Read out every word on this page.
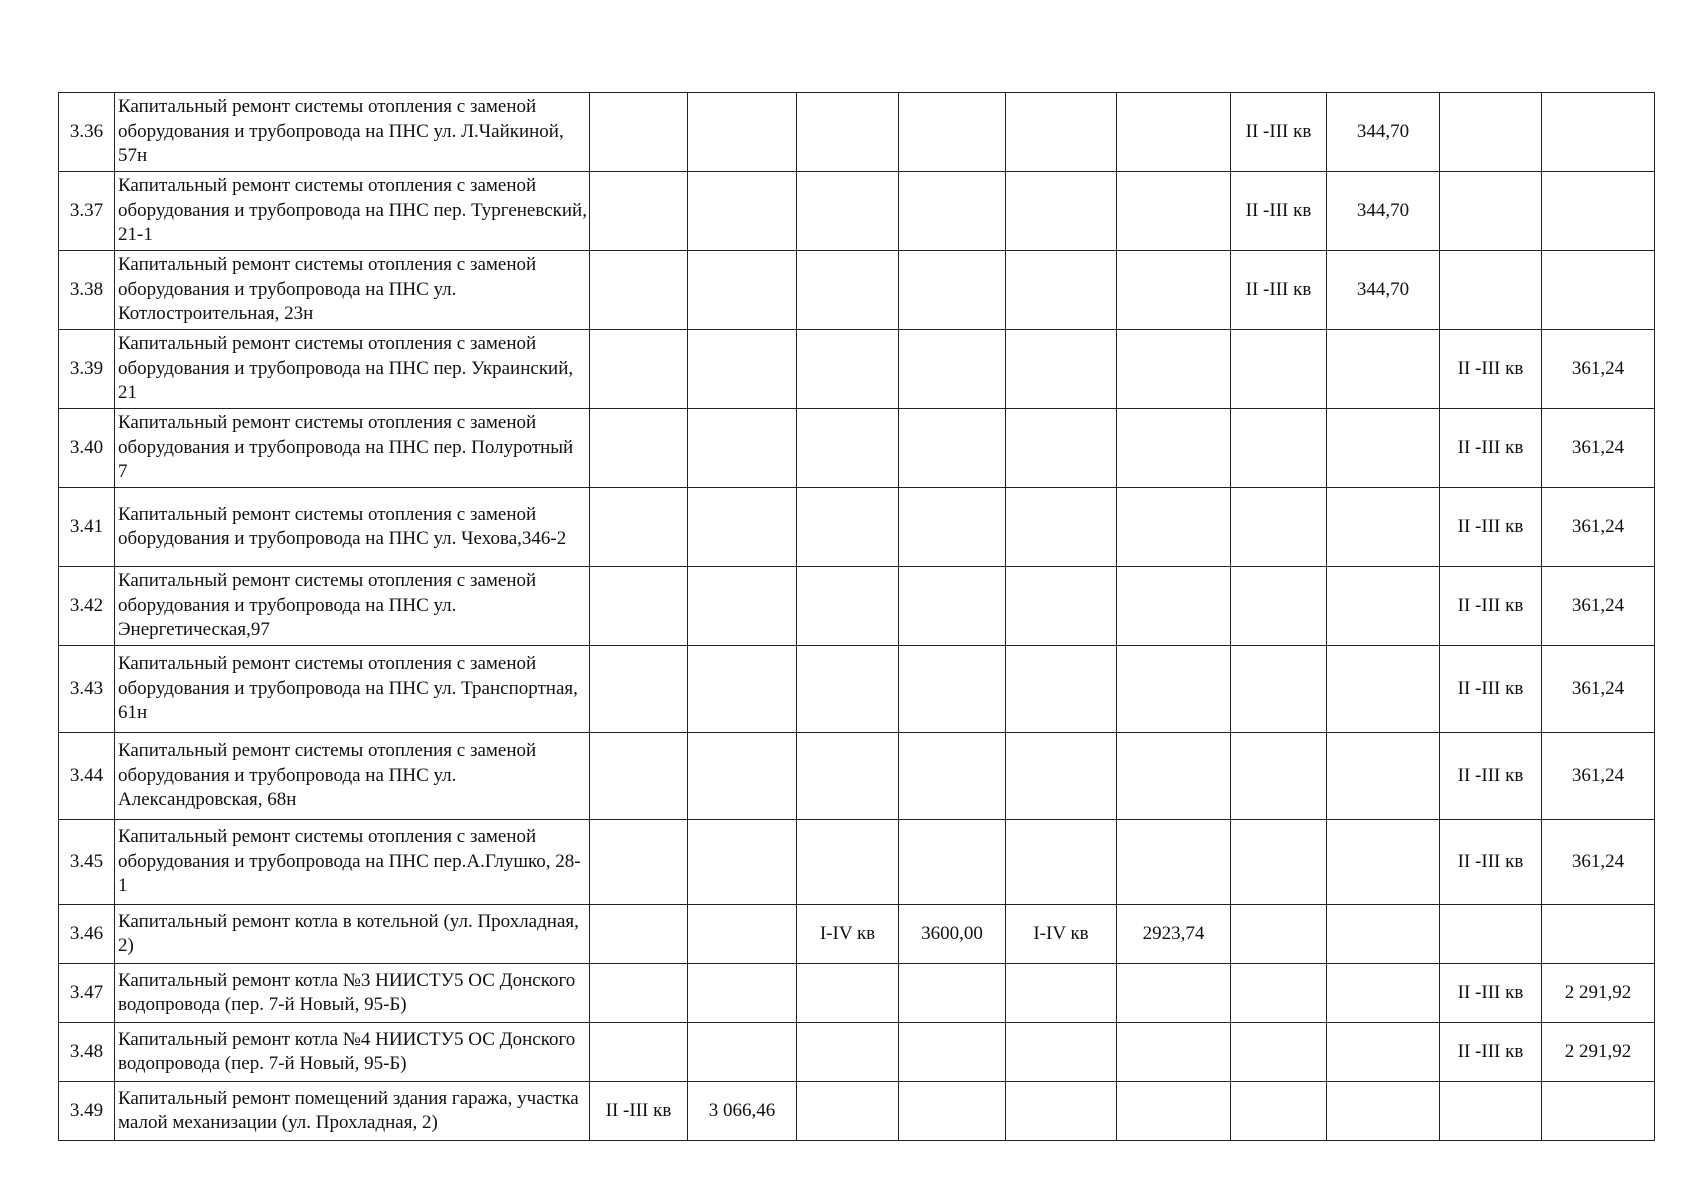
3.36	Капитальный ремонт системы отопления с заменой оборудования и трубопровода на ПНС ул. Л.Чайкиной, 57н							II -III кв	344,70		
3.37	Капитальный ремонт системы отопления с заменой оборудования и трубопровода на ПНС пер. Тургеневский, 21-1							II -III кв	344,70		
3.38	Капитальный ремонт системы отопления с заменой оборудования и трубопровода на ПНС ул. Котлостроительная, 23н							II -III кв	344,70		
3.39	Капитальный ремонт системы отопления с заменой оборудования и трубопровода на ПНС пер. Украинский, 21									II -III кв	361,24
3.40	Капитальный ремонт системы отопления с заменой оборудования и трубопровода на ПНС пер. Полуротный 7									II -III кв	361,24
3.41	Капитальный ремонт системы отопления с заменой оборудования и трубопровода на ПНС ул. Чехова,346-2									II -III кв	361,24
3.42	Капитальный ремонт системы отопления с заменой оборудования и трубопровода на ПНС ул. Энергетическая,97									II -III кв	361,24
3.43	Капитальный ремонт системы отопления с заменой оборудования и трубопровода на ПНС ул. Транспортная, 61н									II -III кв	361,24
3.44	Капитальный ремонт системы отопления с заменой оборудования и трубопровода на ПНС ул. Александровская, 68н									II -III кв	361,24
3.45	Капитальный ремонт системы отопления с заменой оборудования и трубопровода на ПНС пер.А.Глушко, 28-1									II -III кв	361,24
3.46	Капитальный ремонт котла в котельной (ул. Прохладная, 2)			I-IV кв	3600,00	I-IV кв	2923,74				
3.47	Капитальный ремонт котла №3 НИИСТУ5 ОС Донского водопровода (пер. 7-й Новый, 95-Б)									II -III кв	2 291,92
3.48	Капитальный ремонт котла №4 НИИСТУ5 ОС Донского водопровода (пер. 7-й Новый, 95-Б)									II -III кв	2 291,92
3.49	Капитальный ремонт помещений здания гаража, участка малой механизации (ул. Прохладная, 2)	II -III кв	3 066,46								
